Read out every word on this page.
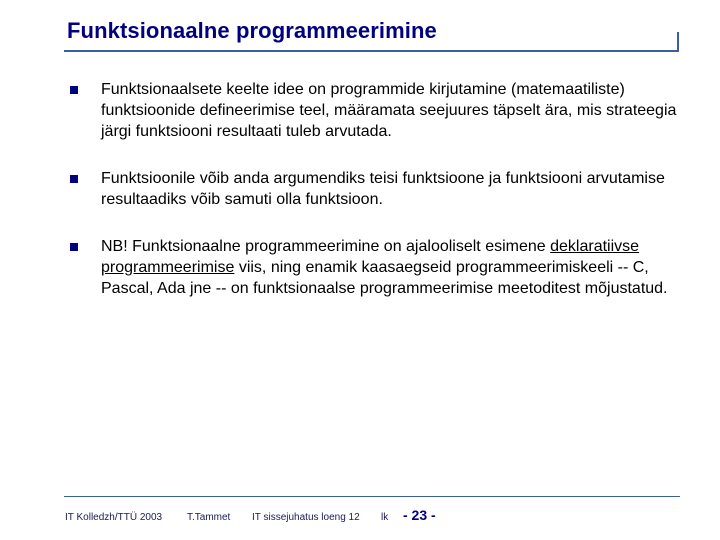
Funktsionaalne programmeerimine
Funktsionaalsete keelte idee on programmide kirjutamine (matemaatiliste) funktsioonide defineerimise teel, määramata seejuures täpselt ära, mis strateegia järgi funktsiooni resultaati tuleb arvutada.
Funktsioonile võib anda argumendiks teisi funktsioone ja funktsiooni arvutamise resultaadiks võib samuti olla funktsioon.
NB! Funktsionaalne programmeerimine on ajalooliselt esimene deklaratiivse programmeerimise viis, ning enamik kaasaegseid programmeerimiskeeli -- C, Pascal, Ada jne -- on funktsionaalse programmeerimise meetoditest mõjustatud.
IT Kolledzh/TTÜ 2003 T.Tammet IT sissejuhatus loeng 12 lk - 23 -
